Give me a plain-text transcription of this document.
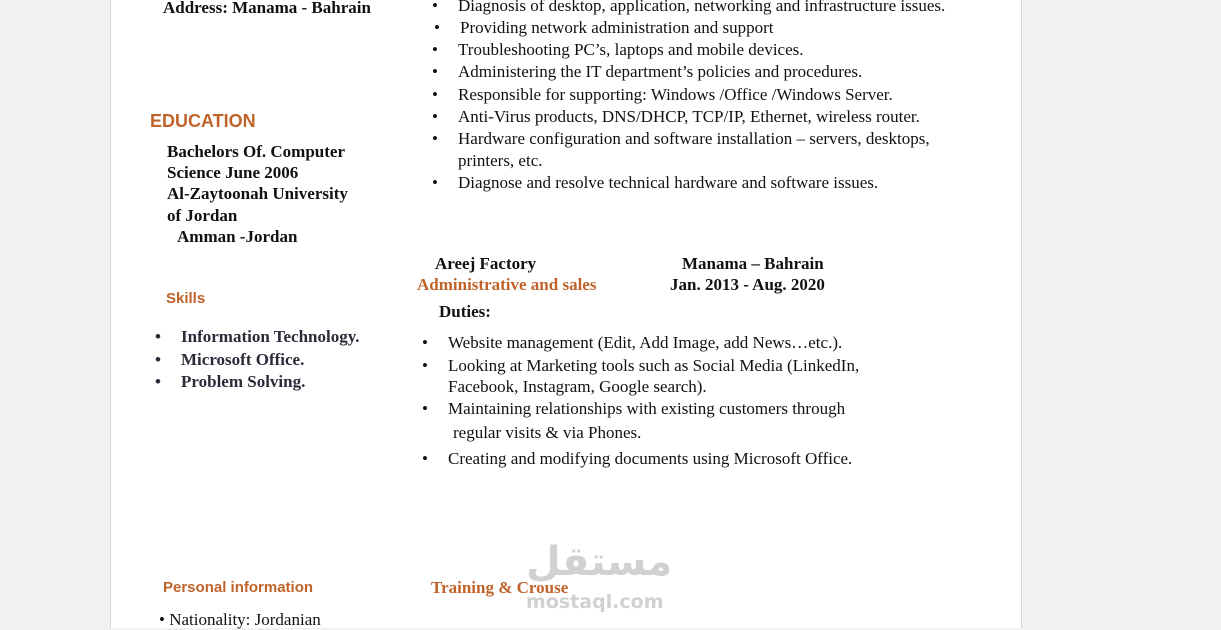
Address: Manama - Bahrain
EDUCATION
Bachelors Of. Computer
Science June 2006
Al-Zaytoonah University
of Jordan
Amman -Jordan
Skills
• Information Technology.
• Microsoft Office.
• Problem Solving.
Personal information
• Nationality: Jordanian
• Diagnosis of desktop, application, networking and infrastructure issues.
• Providing network administration and support
• Troubleshooting PC’s, laptops and mobile devices.
• Administering the IT department’s policies and procedures.
• Responsible for supporting: Windows /Office /Windows Server.
• Anti-Virus products, DNS/DHCP, TCP/IP, Ethernet, wireless router.
• Hardware configuration and software installation – servers, desktops,
printers, etc.
• Diagnose and resolve technical hardware and software issues.
Areej Factory	Manama – Bahrain
Administrative and sales	Jan. 2013 - Aug. 2020
Duties:
• Website management (Edit, Add Image, add News…etc.).
• Looking at Marketing tools such as Social Media (LinkedIn,
Facebook, Instagram, Google search).
• Maintaining relationships with existing customers through
regular visits & via Phones.
• Creating and modifying documents using Microsoft Office.
Training & Crouse
مستقل
mostaql.com
